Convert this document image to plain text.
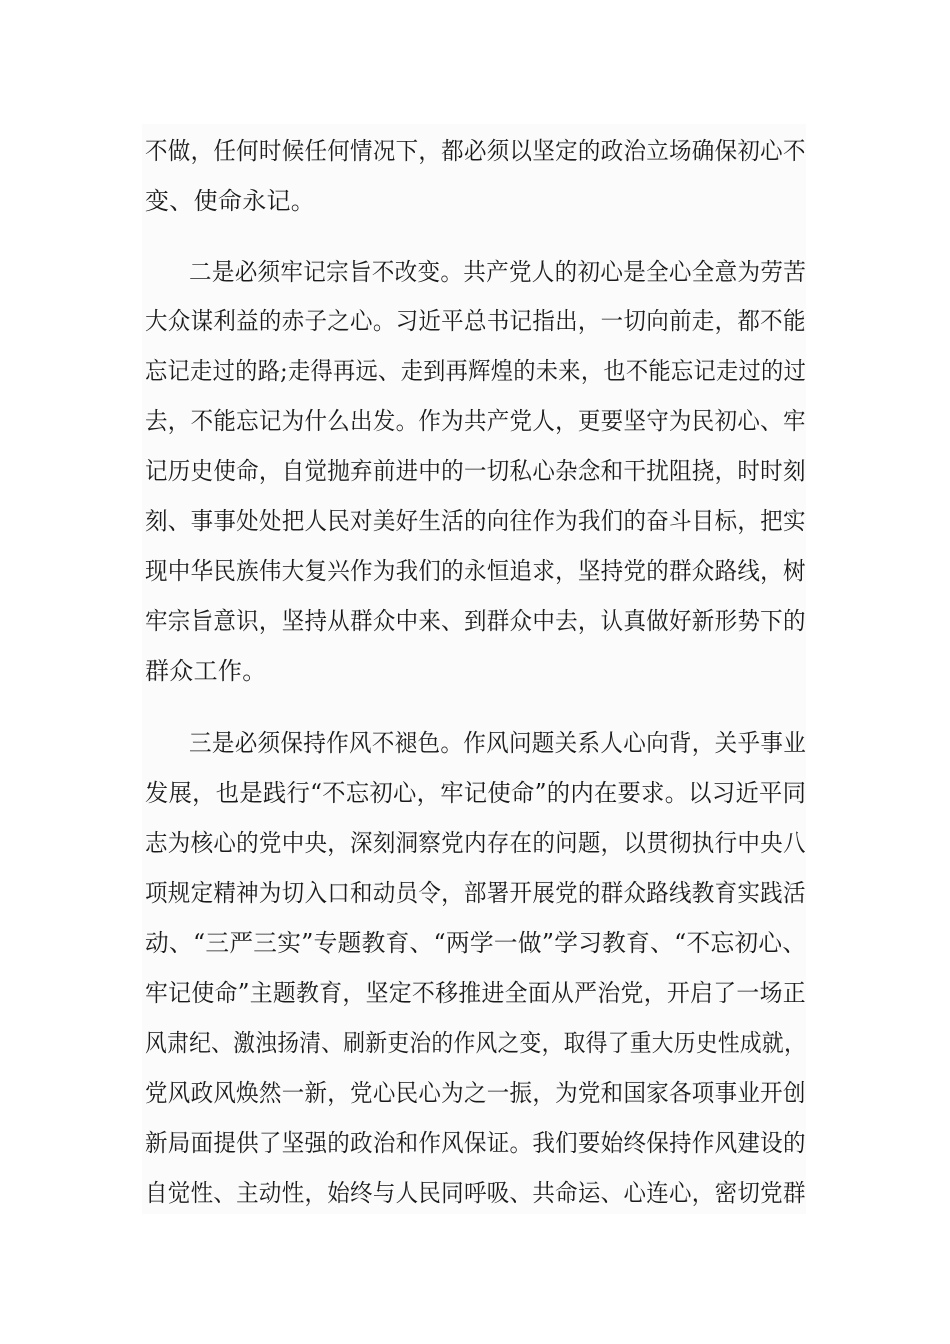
不做，任何时候任何情况下，都必须以坚定的政治立场确保初心不
变、使命永记。
二是必须牢记宗旨不改变。共产党人的初心是全心全意为劳苦
大众谋利益的赤子之心。习近平总书记指出，一切向前走，都不能
忘记走过的路;走得再远、走到再辉煌的未来，也不能忘记走过的过
去，不能忘记为什么出发。作为共产党人，更要坚守为民初心、牢
记历史使命，自觉抛弃前进中的一切私心杂念和干扰阻挠，时时刻
刻、事事处处把人民对美好生活的向往作为我们的奋斗目标，把实
现中华民族伟大复兴作为我们的永恒追求，坚持党的群众路线，树
牢宗旨意识，坚持从群众中来、到群众中去，认真做好新形势下的
群众工作。
三是必须保持作风不褪色。作风问题关系人心向背，关乎事业
发展，也是践行“不忘初心，牢记使命”的内在要求。以习近平同
志为核心的党中央，深刻洞察党内存在的问题，以贯彻执行中央八
项规定精神为切入口和动员令，部署开展党的群众路线教育实践活
动、“三严三实”专题教育、“两学一做”学习教育、“不忘初心、
牢记使命”主题教育，坚定不移推进全面从严治党，开启了一场正
风肃纪、激浊扬清、刷新吏治的作风之变，取得了重大历史性成就，
党风政风焕然一新，党心民心为之一振，为党和国家各项事业开创
新局面提供了坚强的政治和作风保证。我们要始终保持作风建设的
自觉性、主动性，始终与人民同呼吸、共命运、心连心，密切党群
